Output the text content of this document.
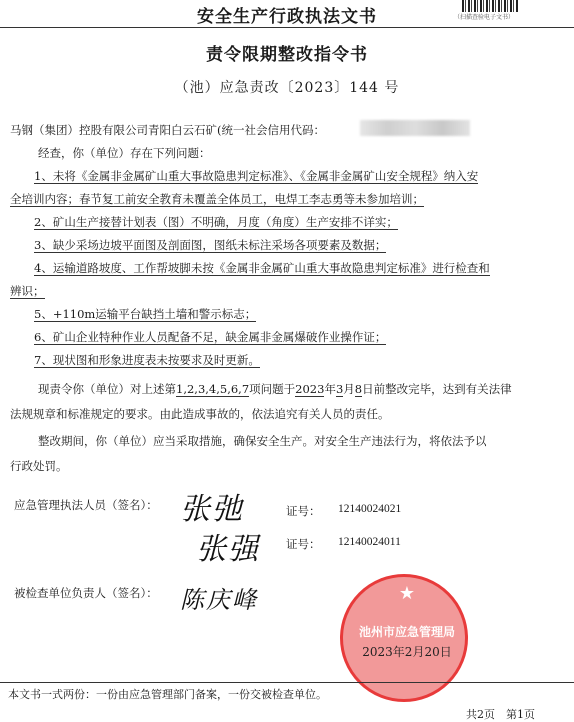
安全生产行政执法文书	（扫描查验电子文书）
责令限期整改指令书
（池）应急责改〔2023〕144 号
马钢（集团）控股有限公司青阳白云石矿(统一社会信用代码：
经查，你（单位）存在下列问题：
1、未将《金属非金属矿山重大事故隐患判定标准》、《金属非金属矿山安全规程》纳入安
全培训内容；春节复工前安全教育未覆盖全体员工，电焊工李志勇等未参加培训；
2、矿山生产接替计划表（图）不明确，月度（角度）生产安排不详实；
3、缺少采场边坡平面图及剖面图，图纸未标注采场各项要素及数据；
4、运输道路坡度、工作帮坡脚未按《金属非金属矿山重大事故隐患判定标准》进行检查和
辨识；
5、+110m运输平台缺挡土墙和警示标志；
6、矿山企业特种作业人员配备不足，缺金属非金属爆破作业操作证；
7、现状图和形象进度表未按要求及时更新。
现责令你（单位）对上述第1,2,3,4,5,6,7项问题于2023年3月8日前整改完毕，达到有关法律
法规规章和标准规定的要求。由此造成事故的，依法追究有关人员的责任。
整改期间，你（单位）应当采取措施，确保安全生产。对安全生产违法行为，将依法予以
行政处罚。
应急管理执法人员（签名）： 张弛
张强
证号： 12140024021
证号： 12140024011
被检查单位负责人（签名）： 陈庆峰	★
池州市应急管理局
2023年2月20日
本文书一式两份：一份由应急管理部门备案，一份交被检查单位。
共2页　第1页
